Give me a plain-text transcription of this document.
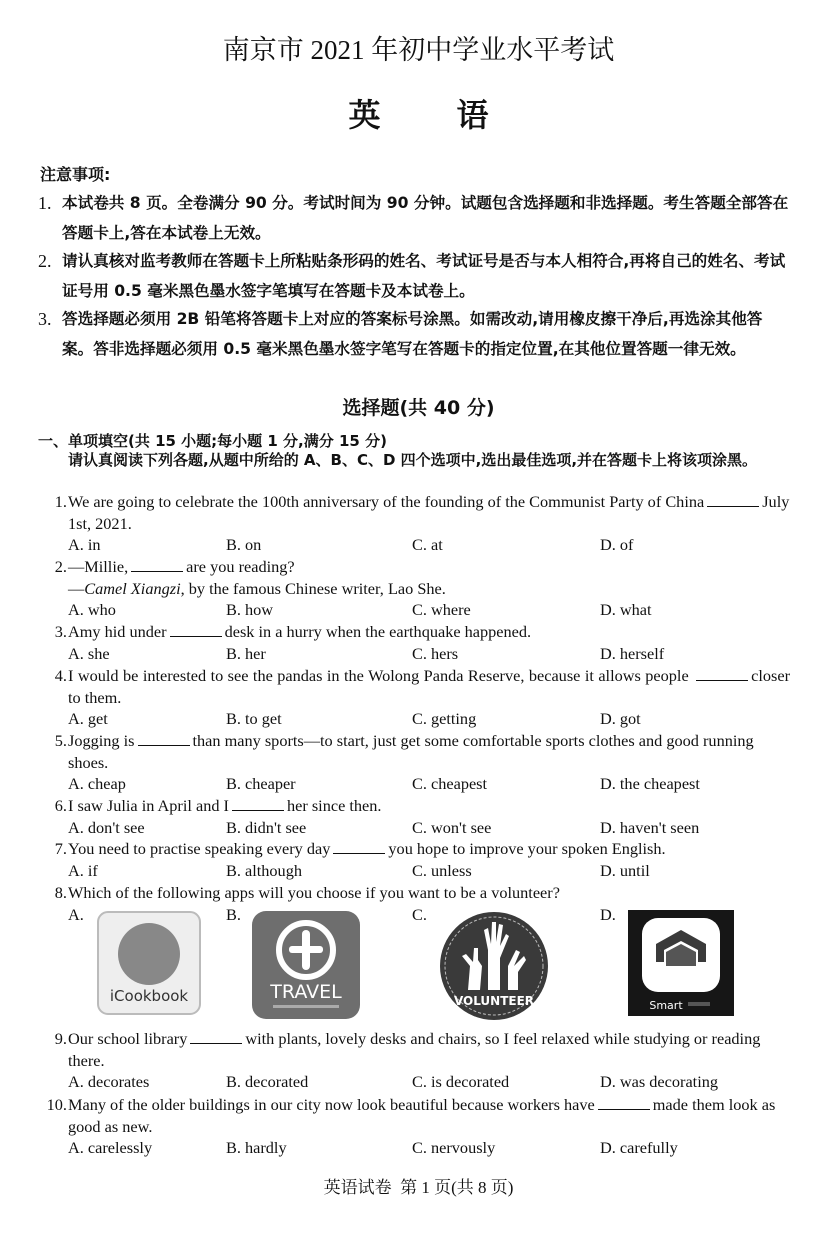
南京市 2021 年初中学业水平考试
英 语
注意事项:
1. 本试卷共 8 页。全卷满分 90 分。考试时间为 90 分钟。试题包含选择题和非选择题。考生答题全部答在答题卡上,答在本试卷上无效。
2. 请认真核对监考教师在答题卡上所粘贴条形码的姓名、考试证号是否与本人相符合,再将自己的姓名、考试证号用 0.5 毫米黑色墨水签字笔填写在答题卡及本试卷上。
3. 答选择题必须用 2B 铅笔将答题卡上对应的答案标号涂黑。如需改动,请用橡皮擦干净后,再选涂其他答案。答非选择题必须用 0.5 毫米黑色墨水签字笔写在答题卡的指定位置,在其他位置答题一律无效。
选择题(共 40 分)
一、单项填空(共 15 小题;每小题 1 分,满分 15 分)
请认真阅读下列各题,从题中所给的 A、B、C、D 四个选项中,选出最佳选项,并在答题卡上将该项涂黑。
1. We are going to celebrate the 100th anniversary of the founding of the Communist Party of China	July 1st, 2021.
A. in	B. on	C. at	D. of
2. —Millie,	are you reading?
—Camel Xiangzi, by the famous Chinese writer, Lao She.
A. who	B. how	C. where	D. what
3. Amy hid under	desk in a hurry when the earthquake happened.
A. she	B. her	C. hers	D. herself
4. I would be interested to see the pandas in the Wolong Panda Reserve, because it allows people	closer to them.
A. get	B. to get	C. getting	D. got
5. Jogging is	than many sports—to start, just get some comfortable sports clothes and good running shoes.
A. cheap	B. cheaper	C. cheapest	D. the cheapest
6. I saw Julia in April and I	her since then.
A. don't see	B. didn't see	C. won't see	D. haven't seen
7. You need to practise speaking every day	you hope to improve your spoken English.
A. if	B. although	C. unless	D. until
8. Which of the following apps will you choose if you want to be a volunteer?
A.
iCookbook
B.
TRAVEL
C.
VOLUNTEER
D.
Smart
9. Our school library	with plants, lovely desks and chairs, so I feel relaxed while studying or reading there.
A. decorates	B. decorated	C. is decorated	D. was decorating
10. Many of the older buildings in our city now look beautiful because workers have	made them look as good as new.
A. carelessly	B. hardly	C. nervously	D. carefully
英语试卷  第 1 页(共 8 页)
